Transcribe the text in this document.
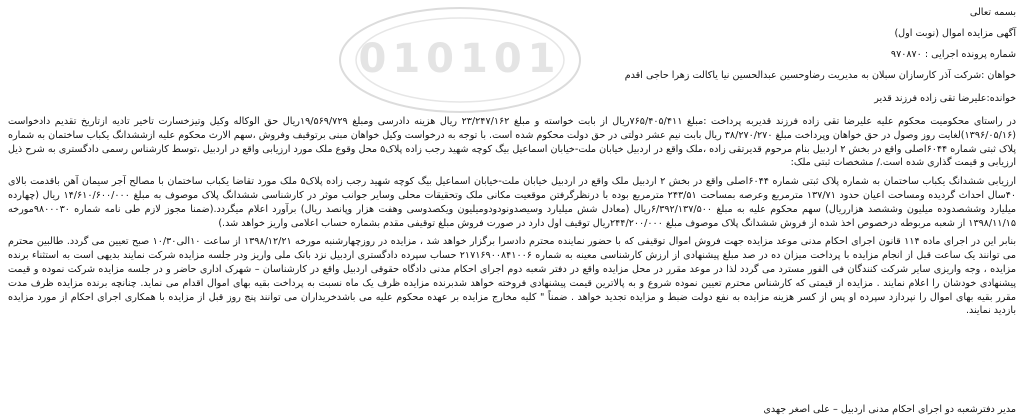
010101
بسمه تعالی
آگهی مزایده اموال (نوبت اول)
شماره پرونده اجرایی : ۹۷۰۸۷۰
خواهان :شرکت آذر کارسازان سبلان به مدیریت رضاوحسین عبدالحسین نیا یاکالت زهرا حاجی اقدم
خوانده:علیرضا تقی زاده فرزند قدیر
در راستای محکومیت محکوم علیه علیرضا تقی زاده فرزند قدیربه پرداخت :مبلغ ۷۶۵/۴۰۵/۴۱۱ریال از بابت خواسته و مبلغ ۲۳/۲۴۷/۱۶۲ ریال هزینه دادرسی ومبلغ ۱۹/۵۶۹/۷۲۹ریال حق الوکاله وکیل وتیزخسارت تاخیر تادیه ازتاریخ تقدیم دادخواست (۱۳۹۶/۰۵/۱۶)لغایت روز وصول در حق خواهان وپرداخت مبلغ ۳۸/۲۷۰/۲۷۰ ریال بابت نیم عشر دولتی در حق دولت محکوم شده است. با توجه به درخواست وکیل خواهان مبنی برتوقیف وفروش ،سهم الارث محکوم علیه ازششدانگ یکباب ساختمان به شماره پلاک ثبتی شماره ۶۰۴۴اصلی واقع در بخش ۲ اردبیل بنام مرحوم قدیرتقی زاده ،ملک واقع در اردبیل خیابان ملت-خیابان اسماعیل بیگ کوچه شهید رجب زاده پلاک۵ محل وقوع ملک مورد ارزیابی واقع در اردبیل ،توسط کارشناس رسمی دادگستری به شرح ذیل ارزیابی و قیمت گذاری شده است./ مشخصات ثبتی ملک:
ارزیابی ششدانگ یکباب ساختمان به شماره پلاک ثبتی شماره ۶۰۴۴اصلی واقع در بخش ۲ اردبیل ملک واقع در اردبیل خیابان ملت-خیابان اسماعیل بیگ کوچه شهید رجب زاده پلاک۵ ملک مورد تقاضا یکباب ساختمان با مصالح آجر سیمان آهن باقدمت بالای ۴۰سال احداث گردیده ومساحت اعیان حدود ۱۳۷/۷۱ مترمربع وعرصه بمساحت ۲۴۳/۵۱ مترمربع بوده با درنظرگرفتن موقعیت مکانی ملک وتحقیقات محلی وسایر جوانب موثر در کارشناسی ششدانگ پلاک موصوف به مبلغ ۱۴/۶۱۰/۶۰۰/۰۰۰ ریال (چهارده میلیارد وششصدوده میلیون وششصد هزارریال) سهم محکوم علیه به مبلغ ۶/۳۹۲/۱۳۷/۵۰۰ریال (معادل شش میلیارد وسیصدونودودومیلیون ویکصدوسی وهفت هزار وپانصد ریال) برآورد اعلام میگردد.(ضمنا مجوز لازم طی نامه شماره ۹۸۰۰۰۳۰مورخه ۱۳۹۸/۱۱/۱۵ از شعبه مربوطه درخصوص اخذ شده از فروش ششدانگ پلاک موصوف مبلغ ۲۴۴/۲۰۰/۰۰۰ریال توقیف اول دارد در صورت فروش مبلغ توقیفی مقدم بشماره حساب اعلامی واریز خواهد شد.)
بنابر این در اجرای ماده ۱۱۴ قانون اجرای احکام مدنی موعد مزایده جهت فروش اموال توقیفی که با حضور نماینده محترم دادسرا برگزار خواهد شد ، مزایده در روزچهارشنبه مورخه ۱۳۹۸/۱۲/۲۱ از ساعت ۱۰الی۱۰/۳۰ صبح تعیین می گردد. طالبین محترم می توانند یک ساعت قبل از انجام مزایده با پرداخت میزان ده در صد مبلغ پیشنهادی از ارزش کارشناسی معینه به شماره ۲۱۷۱۶۹۰۰۸۴۱۰۰۶ حساب سپرده دادگستری اردبیل نزد بانک ملی واریز ودر جلسه مزایده شرکت نمایند بدیهی است به استثناء برنده مزایده ، وجه واریزی سایر شرکت کنندگان فی الفور مسترد می گردد لذا در موعد مقرر در محل مزایده واقع در دفتر شعبه دوم اجرای احکام مدنی دادگاه حقوقی اردبیل واقع در کارشناسان – شهرک اداری حاضر و در جلسه مزایده شرکت نموده و قیمت پیشنهادی خودشان را اعلام نمایند . مزایده از قیمتی که کارشناس محترم تعیین نموده شروع و به پالاترین قیمت پیشنهادی فروخته خواهد شدبرنده مزایده ظرف یک ماه نسبت به پرداخت بقیه بهای اموال اقدام می نماید. چنانچه برنده مزایده ظرف مدت مقرر بقیه بهای اموال را نپردازد سپرده او پس از کسر هزینه مزایده به نفع دولت ضبط و مزایده تجدید خواهد . ضمناً " کلیه مخارج مزایده بر عهده محکوم علیه می باشدخریداران می توانند پنج روز قبل از مزایده با همکاری اجرای احکام از مورد مزایده بازدید نمایند.
مدیر دفترشعبه دو اجرای احکام مدنی اردبیل – علی اصغر جهدی
